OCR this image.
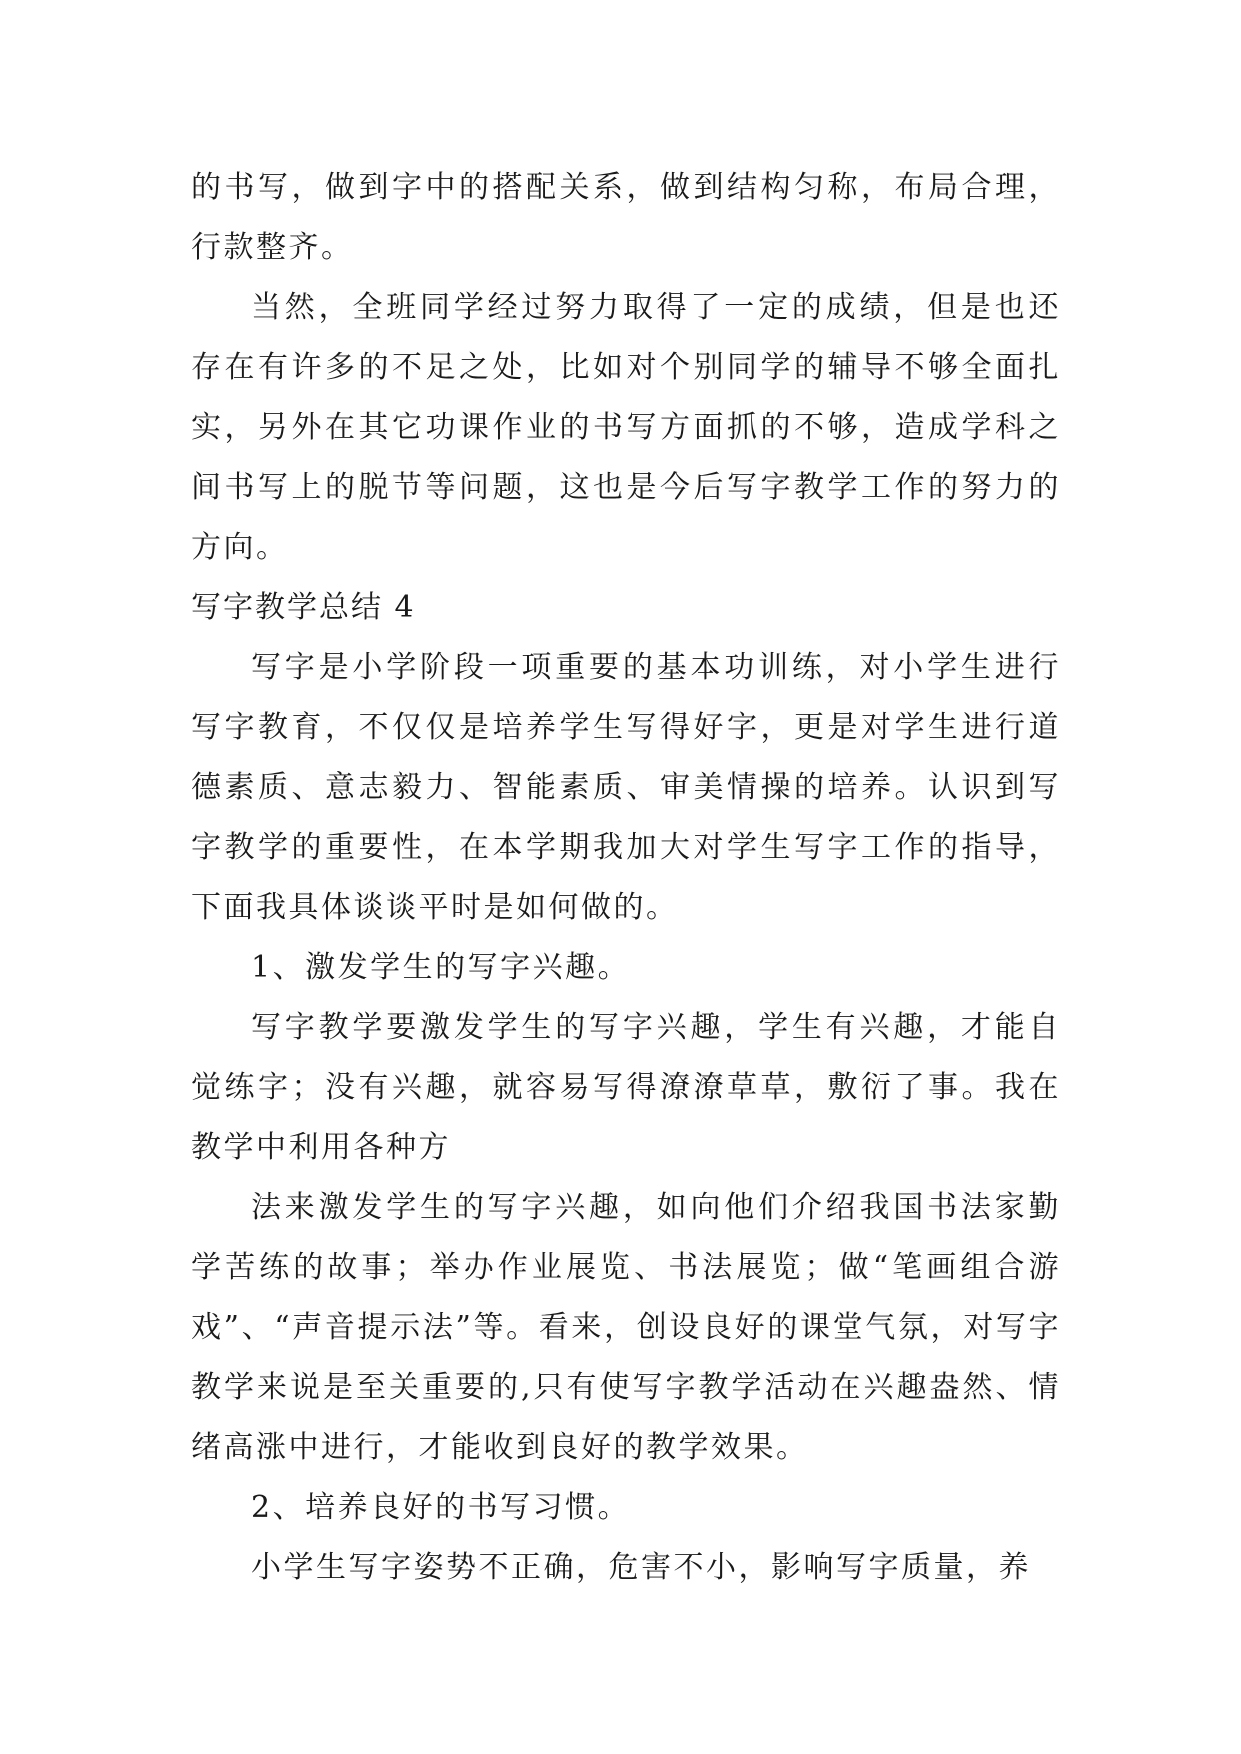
的书写，做到字中的搭配关系，做到结构匀称，布局合理，行款整齐。

当然，全班同学经过努力取得了一定的成绩，但是也还存在有许多的不足之处，比如对个别同学的辅导不够全面扎实，另外在其它功课作业的书写方面抓的不够，造成学科之间书写上的脱节等问题，这也是今后写字教学工作的努力的方向。

写字教学总结 4

写字是小学阶段一项重要的基本功训练，对小学生进行写字教育，不仅仅是培养学生写得好字，更是对学生进行道德素质、意志毅力、智能素质、审美情操的培养。认识到写字教学的重要性，在本学期我加大对学生写字工作的指导，下面我具体谈谈平时是如何做的。

1、激发学生的写字兴趣。

写字教学要激发学生的写字兴趣，学生有兴趣，才能自觉练字；没有兴趣，就容易写得潦潦草草，敷衍了事。我在教学中利用各种方

法来激发学生的写字兴趣，如向他们介绍我国书法家勤学苦练的故事；举办作业展览、书法展览；做“笔画组合游戏”、“声音提示法”等。看来，创设良好的课堂气氛，对写字教学来说是至关重要的,只有使写字教学活动在兴趣盎然、情绪高涨中进行，才能收到良好的教学效果。

2、培养良好的书写习惯。

小学生写字姿势不正确，危害不小，影响写字质量，养
